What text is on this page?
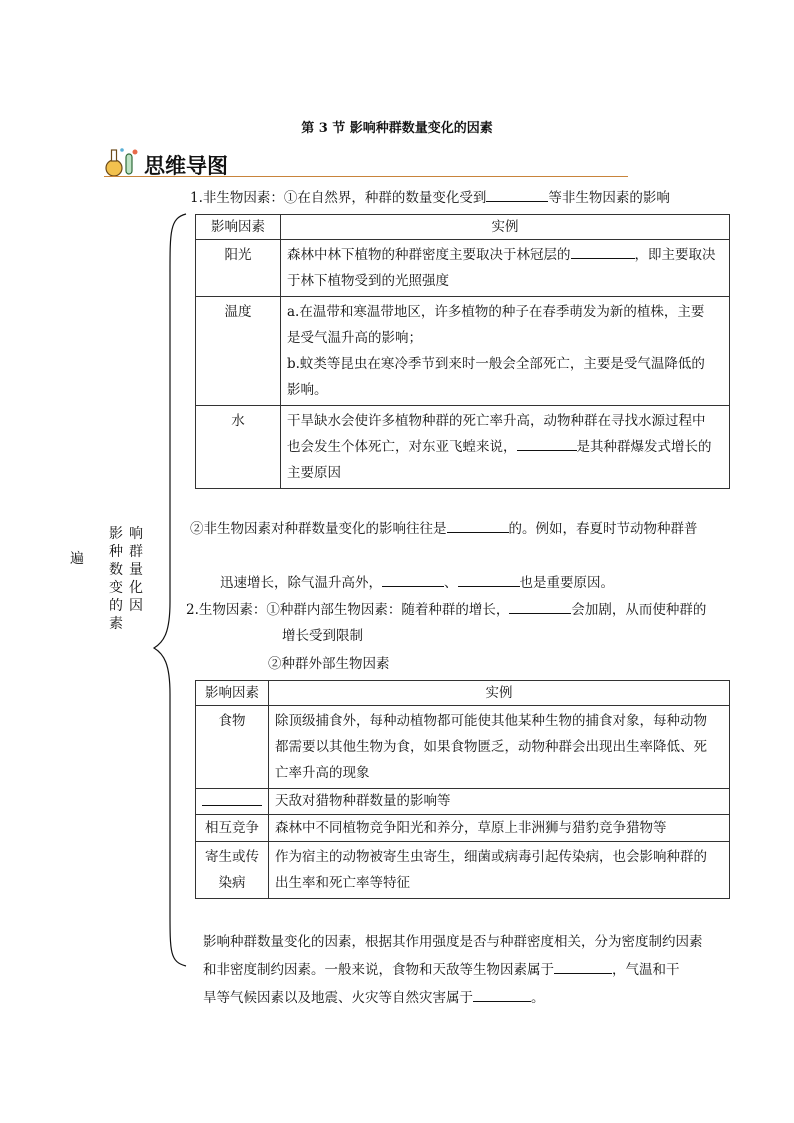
第 3 节 影响种群数量变化的因素
思维导图
遍
影
种
数
变
的
素
响
群
量
化
因
1.非生物因素：①在自然界，种群的数量变化受到	等非生物因素的影响
影响因素	实例
阳光	森林中林下植物的种群密度主要取决于林冠层的 ，即主要取决
于林下植物受到的光照强度
温度	a.在温带和寒温带地区，许多植物的种子在春季萌发为新的植株，主要
是受气温升高的影响；
b.蚊类等昆虫在寒冷季节到来时一般会全部死亡，主要是受气温降低的
影响。
水	干旱缺水会使许多植物种群的死亡率升高，动物种群在寻找水源过程中
也会发生个体死亡，对东亚飞蝗来说， 是其种群爆发式增长的
主要原因
②非生物因素对种群数量变化的影响往往是	的。例如，春夏时节动物种群普
迅速增长，除气温升高外，	、	也是重要原因。
2.生物因素：①种群内部生物因素：随着种群的增长，	会加剧，从而使种群的
增长受到限制
②种群外部生物因素
影响因素	实例
食物	除顶级捕食外，每种动植物都可能使其他某种生物的捕食对象，每种动物
都需要以其他生物为食，如果食物匮乏，动物种群会出现出生率降低、死
亡率升高的现象
	天敌对猎物种群数量的影响等
相互竞争	森林中不同植物竞争阳光和养分，草原上非洲狮与猎豹竞争猎物等
寄生或传染病	作为宿主的动物被寄生虫寄生，细菌或病毒引起传染病，也会影响种群的
出生率和死亡率等特征
影响种群数量变化的因素，根据其作用强度是否与种群密度相关，分为密度制约因素
和非密度制约因素。一般来说，食物和天敌等生物因素属于	，气温和干
旱等气候因素以及地震、火灾等自然灾害属于	。
